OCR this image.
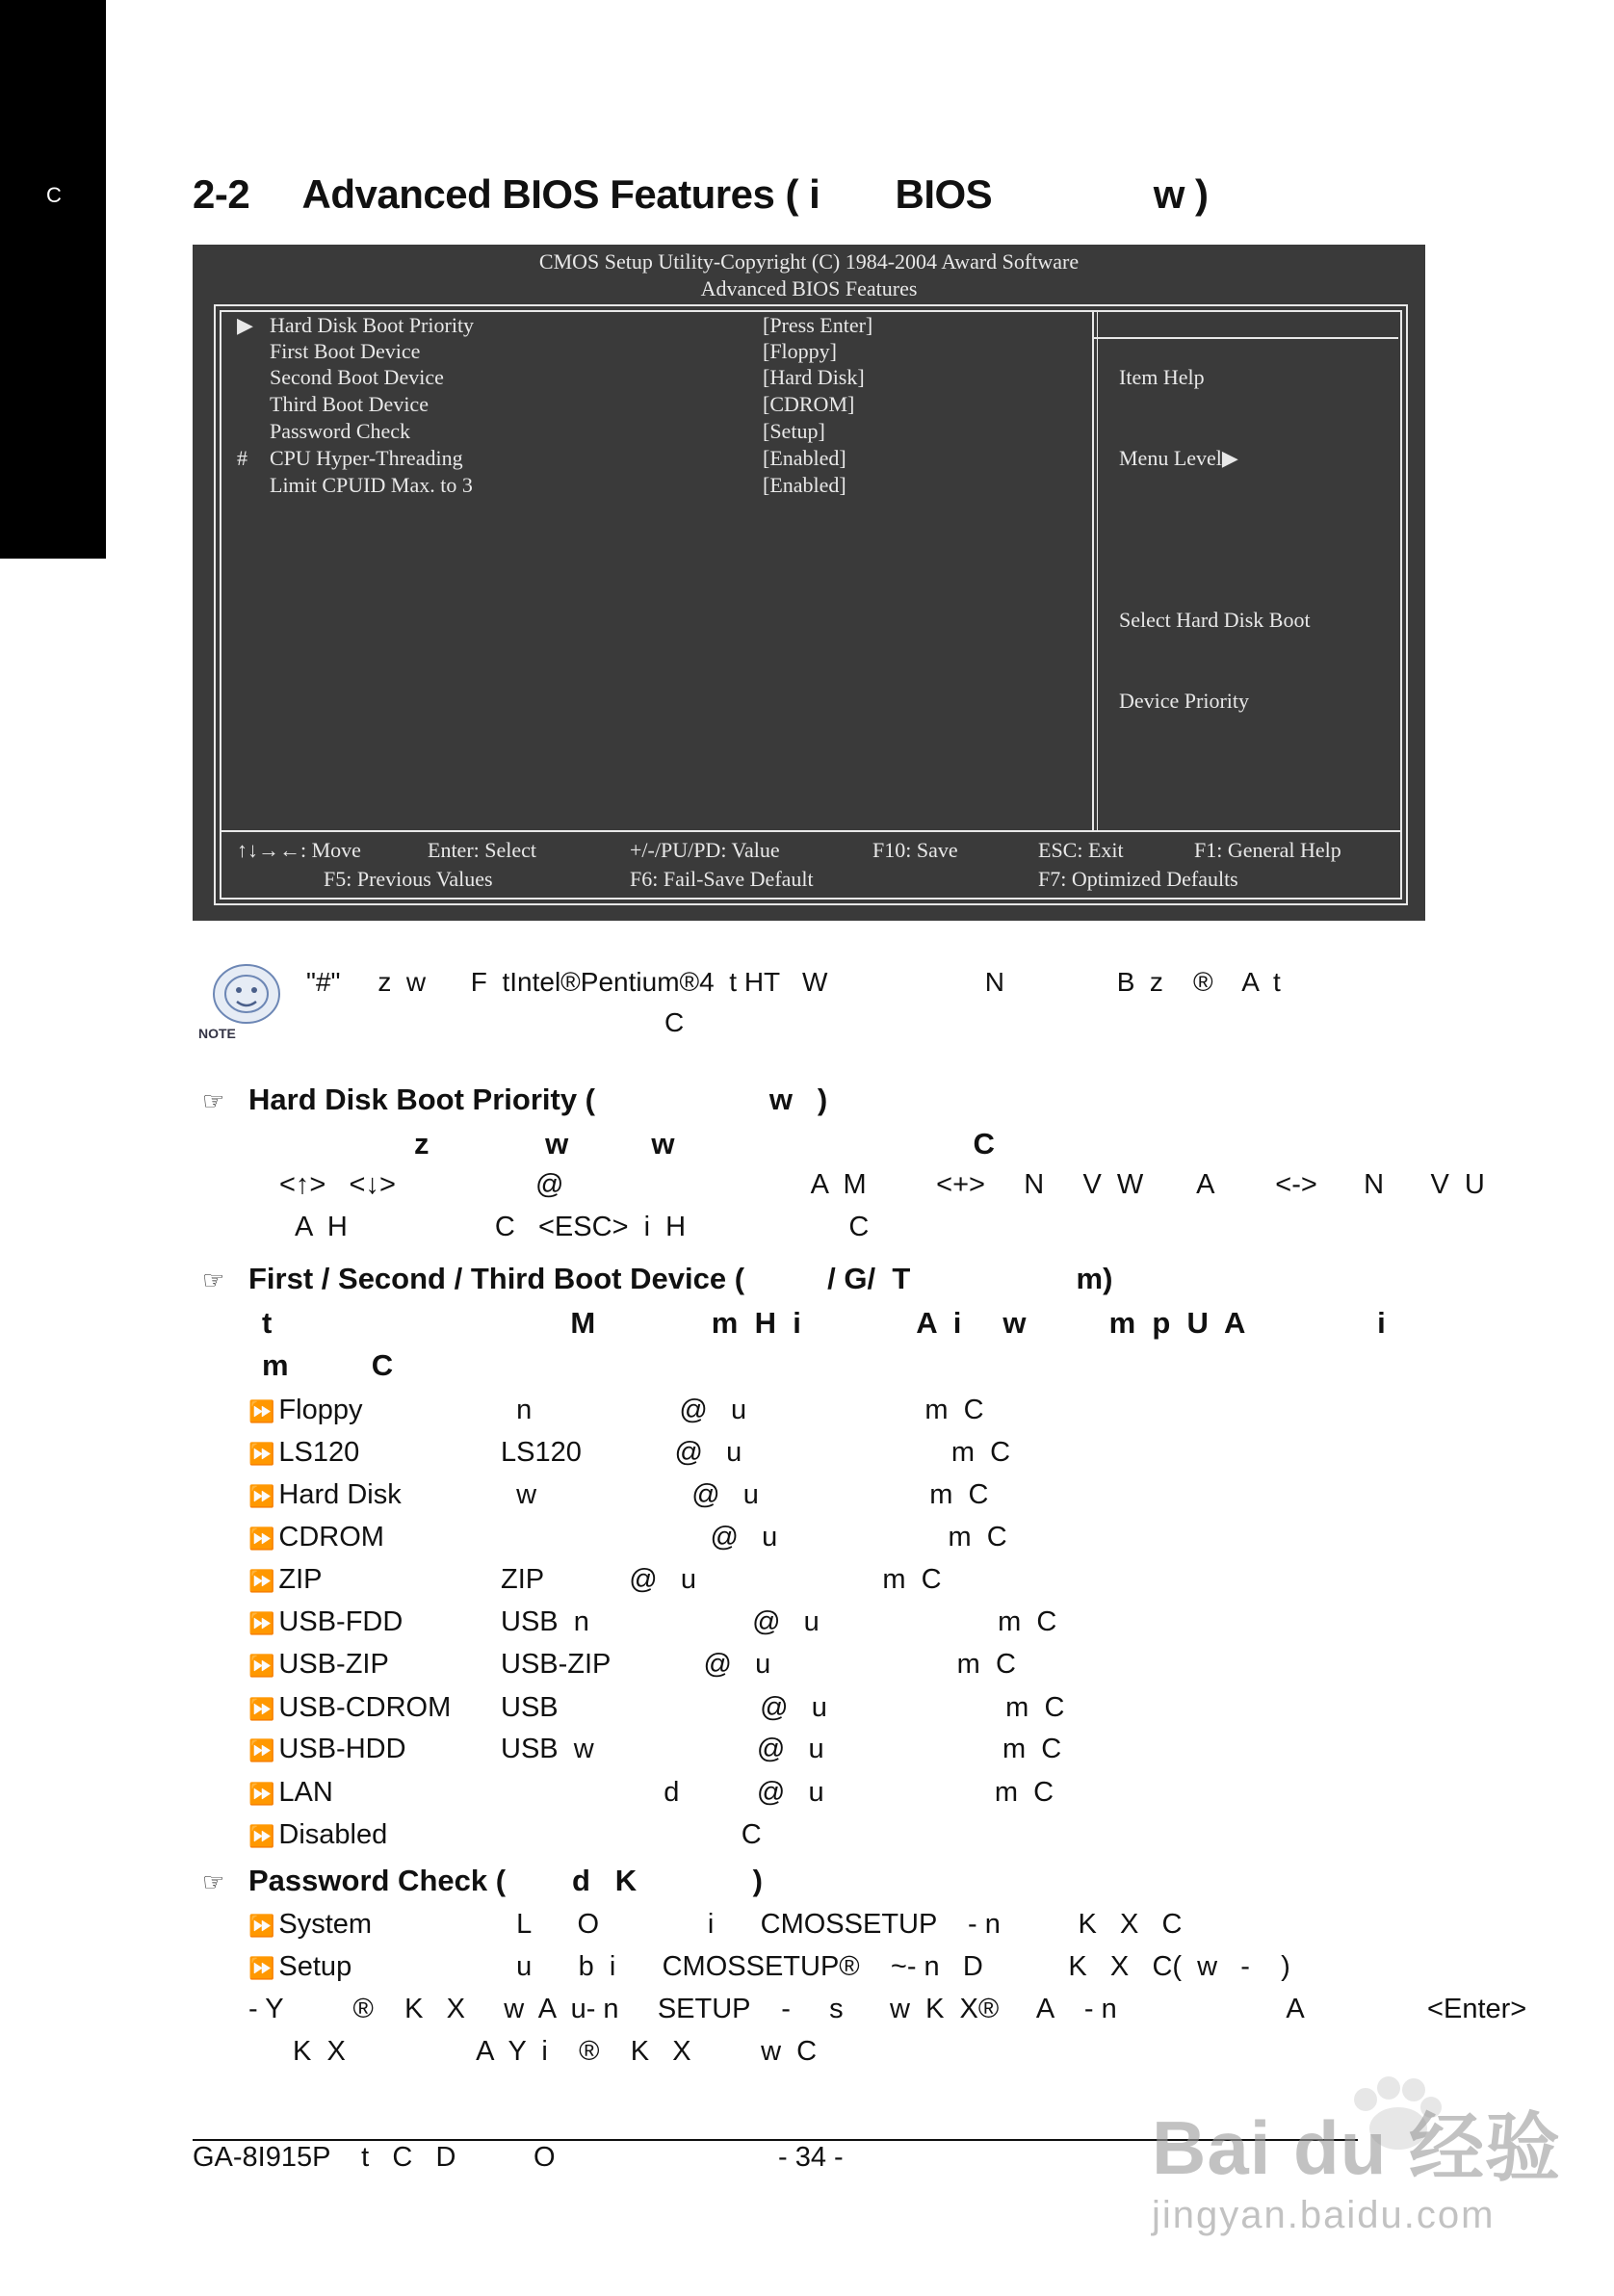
C	2-2     Advanced BIOS Features ( i       BIOS               w )
CMOS Setup Utility-Copyright (C) 1984-2004 Award Software
Advanced BIOS Features
▶ Hard Disk Boot Priority	[Press Enter]
First Boot Device	[Floppy]
Second Boot Device	[Hard Disk]
Third Boot Device	[CDROM]
Password Check	[Setup]
#	CPU Hyper-Threading	[Enabled]
Limit CPUID Max. to 3	[Enabled]

Item Help

Menu Level▶

Select Hard Disk Boot

Device Priority

↑↓→←: Move	Enter: Select	+/-/PU/PD: Value	F10: Save	ESC: Exit	F1: General Help
F5: Previous Values	F6: Fail-Save Default	F7: Optimized Defaults
NOTE
"#"     z  w      F  tIntel®Pentium®4  t HT   W                     N               B  z    ®    A  t
C
☞ Hard Disk Boot Priority (                     w   )
z              w          w                                    C
<↑>   <↓>                  @                                A  M         <+>     N     V  W       A        <->      N      V  U
A  H                   C   <ESC>  i  H                     C
☞ First / Second / Third Boot Device (          / G/  T                    m)
t                                    M              m  H  i              A  i     w          m  p  U  A                i
m          C
⏩ Floppy	n                   @   u                       m  C
⏩ LS120	LS120            @   u                           m  C
⏩ Hard Disk	w                    @   u                      m  C
⏩ CDROM	@   u                      m  C
⏩ ZIP	ZIP           @   u                        m  C
⏩ USB-FDD	USB  n                     @   u                       m  C
⏩ USB-ZIP	USB-ZIP            @   u                        m  C
⏩ USB-CDROM USB                          @   u                       m  C
⏩ USB-HDD	USB  w                     @   u                       m  C
⏩ LAN	d          @   u                      m  C
⏩ Disabled	C
☞ Password Check (        d   K              )
⏩ System	L      O              i      CMOSSETUP    - n          K   X   C
⏩ Setup	u      b  i      CMOSSETUP®    ~- n   D           K   X   C(  w   -    )
- Y         ®    K   X     w  A  u- n     SETUP    -     s      w  K  X®     A    - n                      A                <Enter>
K  X                 A  Y  i    ®    K   X         w  C
GA-8I915P    t   C   D          O	- 34 -	Bai du 经验
jingyan.baidu.com
